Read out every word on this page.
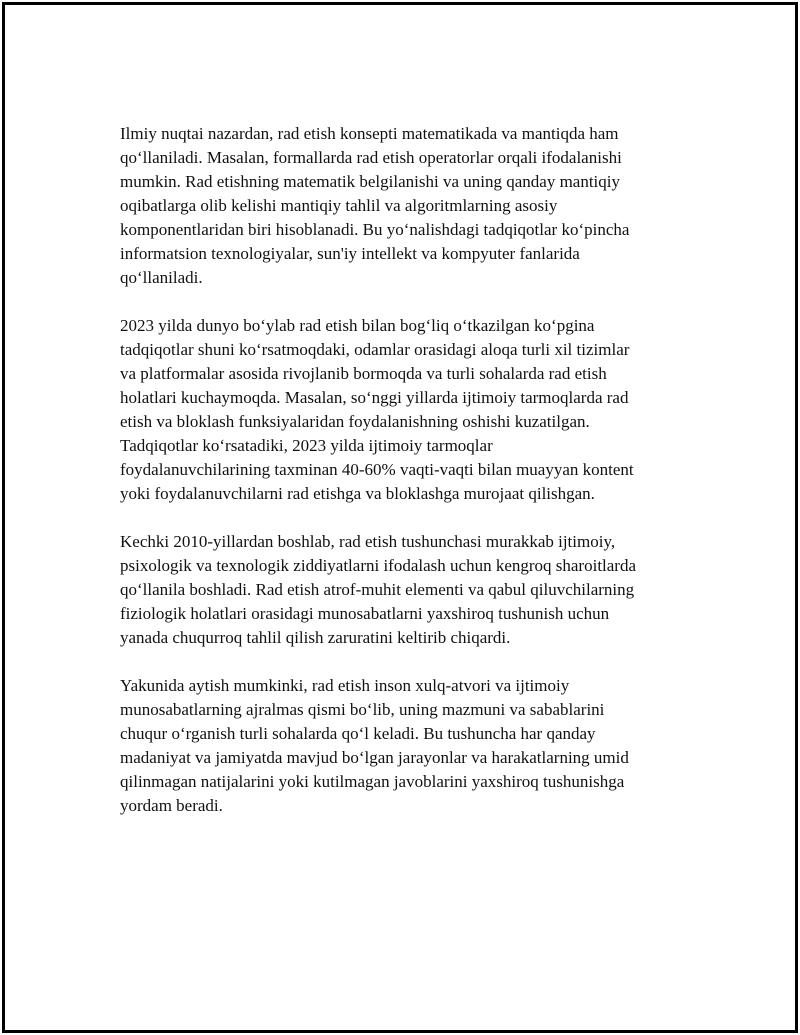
Ilmiy nuqtai nazardan, rad etish konsepti matematikada va mantiqda ham
qoʻllaniladi. Masalan, formallarda rad etish operatorlar orqali ifodalanishi
mumkin. Rad etishning matematik belgilanishi va uning qanday mantiqiy
oqibatlarga olib kelishi mantiqiy tahlil va algoritmlarning asosiy
komponentlaridan biri hisoblanadi. Bu yoʻnalishdagi tadqiqotlar koʻpincha
informatsion texnologiyalar, sun'iy intellekt va kompyuter fanlarida
qoʻllaniladi.

2023 yilda dunyo boʻylab rad etish bilan bogʻliq oʻtkazilgan koʻpgina
tadqiqotlar shuni koʻrsatmoqdaki, odamlar orasidagi aloqa turli xil tizimlar
va platformalar asosida rivojlanib bormoqda va turli sohalarda rad etish
holatlari kuchaymoqda. Masalan, soʻnggi yillarda ijtimoiy tarmoqlarda rad
etish va bloklash funksiyalaridan foydalanishning oshishi kuzatilgan.
Tadqiqotlar koʻrsatadiki, 2023 yilda ijtimoiy tarmoqlar
foydalanuvchilarining taxminan 40-60% vaqti-vaqti bilan muayyan kontent
yoki foydalanuvchilarni rad etishga va bloklashga murojaat qilishgan.

Kechki 2010-yillardan boshlab, rad etish tushunchasi murakkab ijtimoiy,
psixologik va texnologik ziddiyatlarni ifodalash uchun kengroq sharoitlarda
qoʻllanila boshladi. Rad etish atrof-muhit elementi va qabul qiluvchilarning
fiziologik holatlari orasidagi munosabatlarni yaxshiroq tushunish uchun
yanada chuqurroq tahlil qilish zaruratini keltirib chiqardi.

Yakunida aytish mumkinki, rad etish inson xulq-atvori va ijtimoiy
munosabatlarning ajralmas qismi boʻlib, uning mazmuni va sabablarini
chuqur oʻrganish turli sohalarda qoʻl keladi. Bu tushuncha har qanday
madaniyat va jamiyatda mavjud boʻlgan jarayonlar va harakatlarning umid
qilinmagan natijalarini yoki kutilmagan javoblarini yaxshiroq tushunishga
yordam beradi.
